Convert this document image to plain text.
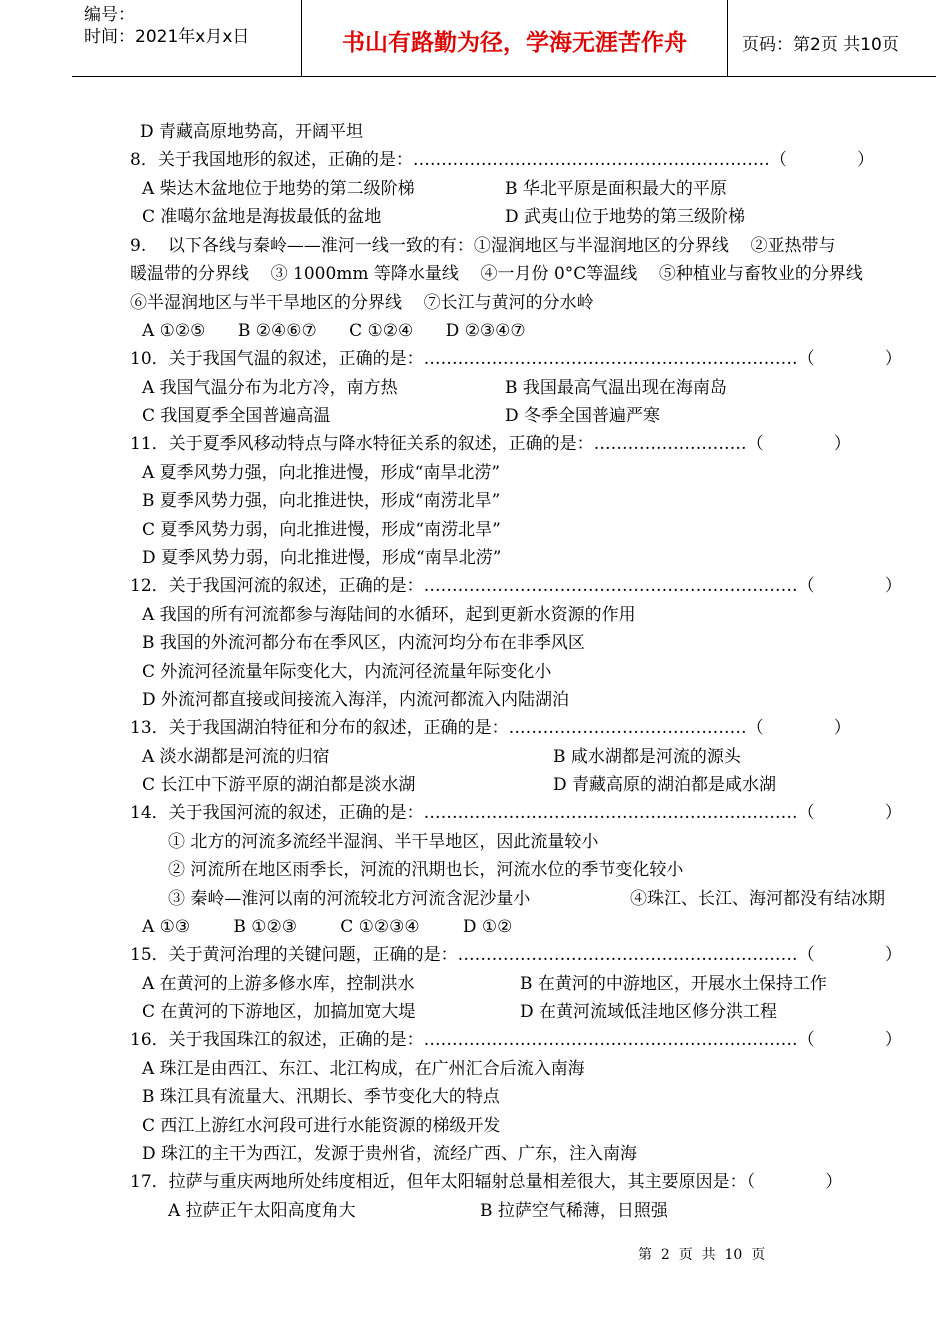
编号：
时间：2021年x月x日	书山有路勤为径，学海无涯苦作舟	页码：第2页 共10页
D 青藏高原地势高，开阔平坦
8．关于我国地形的叙述，正确的是：………………………………………………………（             ）
A 柴达木盆地位于地势的第二级阶梯	B 华北平原是面积最大的平原
C 准噶尔盆地是海拔最低的盆地	D 武夷山位于地势的第三级阶梯
9.    以下各线与秦岭——淮河一线一致的有：①湿润地区与半湿润地区的分界线    ②亚热带与
暖温带的分界线    ③ 1000mm 等降水量线    ④一月份 0°C等温线    ⑤种植业与畜牧业的分界线
⑥半湿润地区与半干旱地区的分界线    ⑦长江与黄河的分水岭
A ①②⑤      B ②④⑥⑦      C ①②④      D ②③④⑦
10．关于我国气温的叙述，正确的是：…………………………………………………………（             ）
A 我国气温分布为北方冷，南方热	B 我国最高气温出现在海南岛
C 我国夏季全国普遍高温	D 冬季全国普遍严寒
11．关于夏季风移动特点与降水特征关系的叙述，正确的是：………………………（             ）
A 夏季风势力强，向北推进慢，形成“南旱北涝”
B 夏季风势力强，向北推进快，形成“南涝北旱”
C 夏季风势力弱，向北推进慢，形成“南涝北旱”
D 夏季风势力弱，向北推进慢，形成“南旱北涝”
12．关于我国河流的叙述，正确的是：…………………………………………………………（             ）
A 我国的所有河流都参与海陆间的水循环，起到更新水资源的作用
B 我国的外流河都分布在季风区，内流河均分布在非季风区
C 外流河径流量年际变化大，内流河径流量年际变化小
D 外流河都直接或间接流入海洋，内流河都流入内陆湖泊
13．关于我国湖泊特征和分布的叙述，正确的是：……………………………………（             ）
A 淡水湖都是河流的归宿	B 咸水湖都是河流的源头
C 长江中下游平原的湖泊都是淡水湖	D 青藏高原的湖泊都是咸水湖
14．关于我国河流的叙述，正确的是：…………………………………………………………（             ）
① 北方的河流多流经半湿润、半干旱地区，因此流量较小
② 河流所在地区雨季长，河流的汛期也长，河流水位的季节变化较小
③ 秦岭—淮河以南的河流较北方河流含泥沙量小	④珠江、长江、海河都没有结冰期
A ①③        B ①②③        C ①②③④        D ①②
15．关于黄河治理的关键问题，正确的是：……………………………………………………（             ）
A 在黄河的上游多修水库，控制洪水	B 在黄河的中游地区，开展水土保持工作
C 在黄河的下游地区，加搞加宽大堤	D 在黄河流域低洼地区修分洪工程
16．关于我国珠江的叙述，正确的是：…………………………………………………………（             ）
A 珠江是由西江、东江、北江构成，在广州汇合后流入南海
B 珠江具有流量大、汛期长、季节变化大的特点
C 西江上游红水河段可进行水能资源的梯级开发
D 珠江的主干为西江，发源于贵州省，流经广西、广东，注入南海
17．拉萨与重庆两地所处纬度相近，但年太阳辐射总量相差很大，其主要原因是：（             ）
A 拉萨正午太阳高度角大	B 拉萨空气稀薄，日照强
第  2  页  共  10  页
